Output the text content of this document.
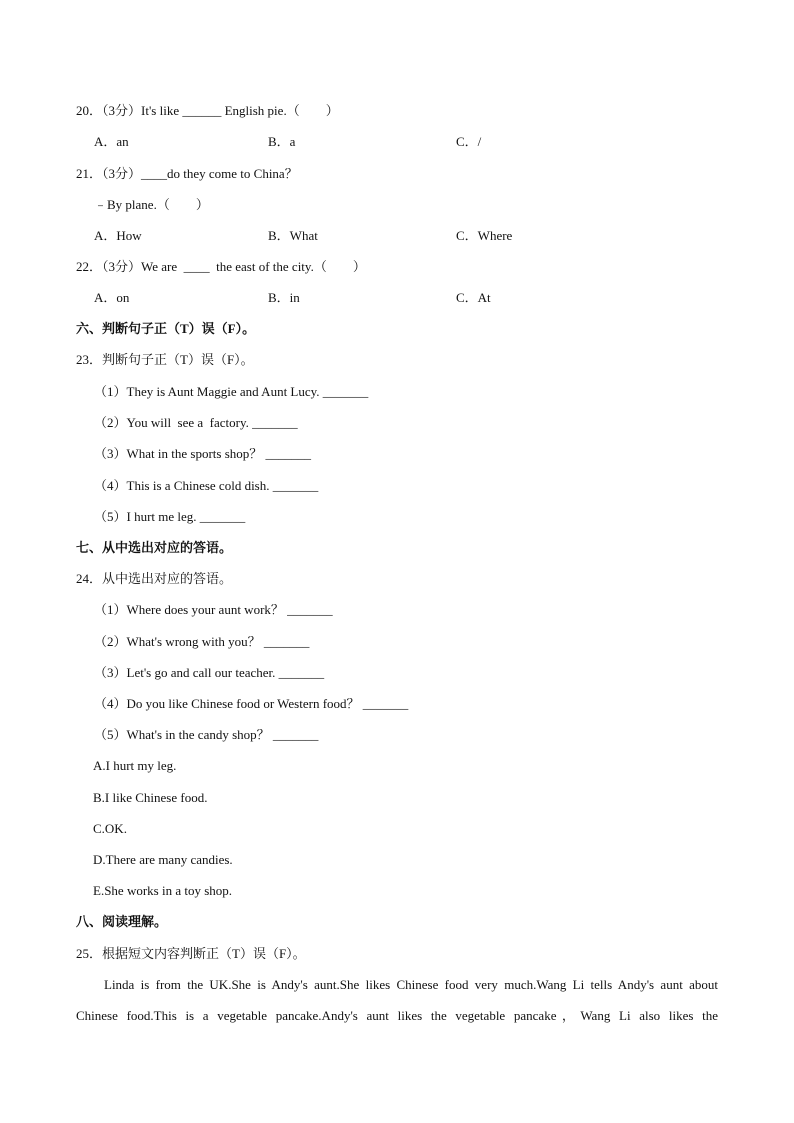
20．（3分）It's like ______ English pie.（　　）
A．an	B．a	C．/
21．（3分）____do they come to China？
﹣By plane.（　　）
A．How	B．What	C．Where
22．（3分）We are  ____  the east of the city.（　　）
A．on	B．in	C．At
六、判断句子正（T）误（F）。
23．判断句子正（T）误（F）。
（1）They is Aunt Maggie and Aunt Lucy. _______
（2）You will  see a  factory. _______
（3）What in the sports shop？ _______
（4）This is a Chinese cold dish. _______
（5）I hurt me leg. _______
七、从中选出对应的答语。
24．从中选出对应的答语。
（1）Where does your aunt work？ _______
（2）What's wrong with you？ _______
（3）Let's go and call our teacher. _______
（4）Do you like Chinese food or Western food？ _______
（5）What's in the candy shop？ _______
A.I hurt my leg.
B.I like Chinese food.
C.OK.
D.There are many candies.
E.She works in a toy shop.
八、阅读理解。
25．根据短文内容判断正（T）误（F）。
Linda is from the UK.She is Andy's aunt.She likes Chinese food very much.Wang Li tells Andy's aunt about
Chinese food.This is a vegetable pancake.Andy's aunt likes the vegetable pancake，Wang Li also likes the
